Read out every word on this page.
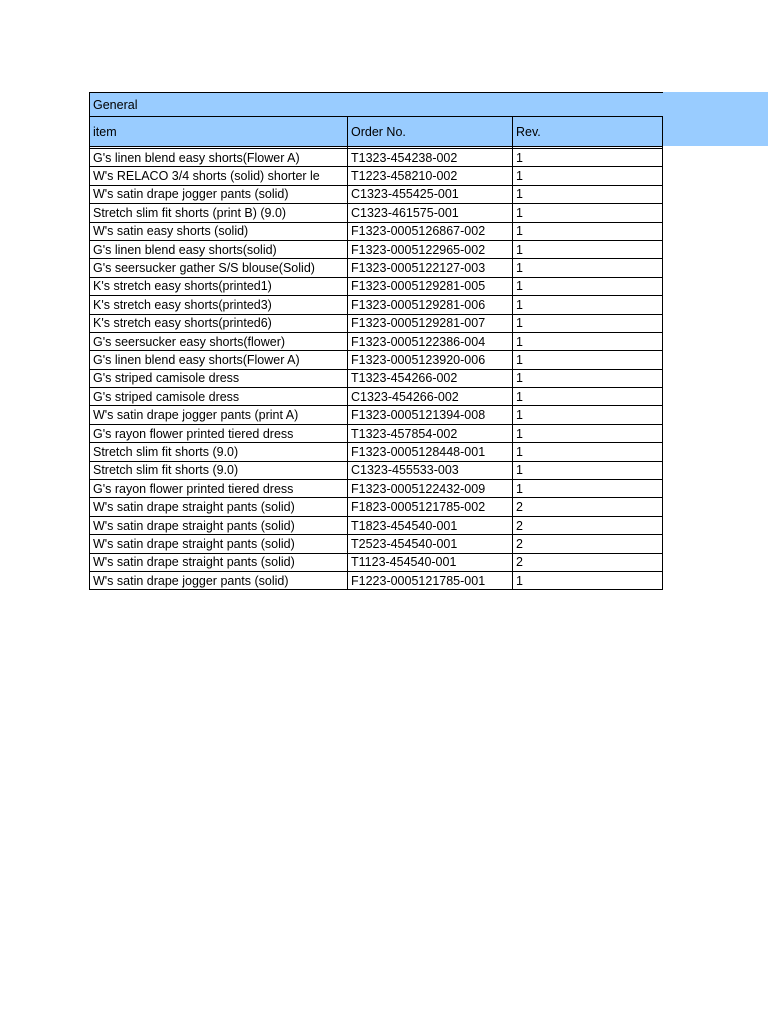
General		
item	Order No.	Rev.

G's linen blend easy shorts(Flower A)	T1323-454238-002	1
W's RELACO 3/4 shorts (solid) shorter le	T1223-458210-002	1
W's satin drape jogger pants (solid)	C1323-455425-001	1
Stretch slim fit shorts (print B) (9.0)	C1323-461575-001	1
W's satin easy shorts (solid)	F1323-0005126867-002	1
G's linen blend easy shorts(solid)	F1323-0005122965-002	1
G's seersucker gather S/S blouse(Solid)	F1323-0005122127-003	1
K's stretch easy shorts(printed1)	F1323-0005129281-005	1
K's stretch easy shorts(printed3)	F1323-0005129281-006	1
K's stretch easy shorts(printed6)	F1323-0005129281-007	1
G's seersucker easy shorts(flower)	F1323-0005122386-004	1
G's linen blend easy shorts(Flower A)	F1323-0005123920-006	1
G's striped camisole dress	T1323-454266-002	1
G's striped camisole dress	C1323-454266-002	1
W's satin drape jogger pants (print A)	F1323-0005121394-008	1
G's rayon flower printed tiered dress	T1323-457854-002	1
Stretch slim fit shorts (9.0)	F1323-0005128448-001	1
Stretch slim fit shorts (9.0)	C1323-455533-003	1
G's rayon flower printed tiered dress	F1323-0005122432-009	1
W's satin drape straight pants (solid)	F1823-0005121785-002	2
W's satin drape straight pants (solid)	T1823-454540-001	2
W's satin drape straight pants (solid)	T2523-454540-001	2
W's satin drape straight pants (solid)	T1123-454540-001	2
W's satin drape jogger pants (solid)	F1223-0005121785-001	1
